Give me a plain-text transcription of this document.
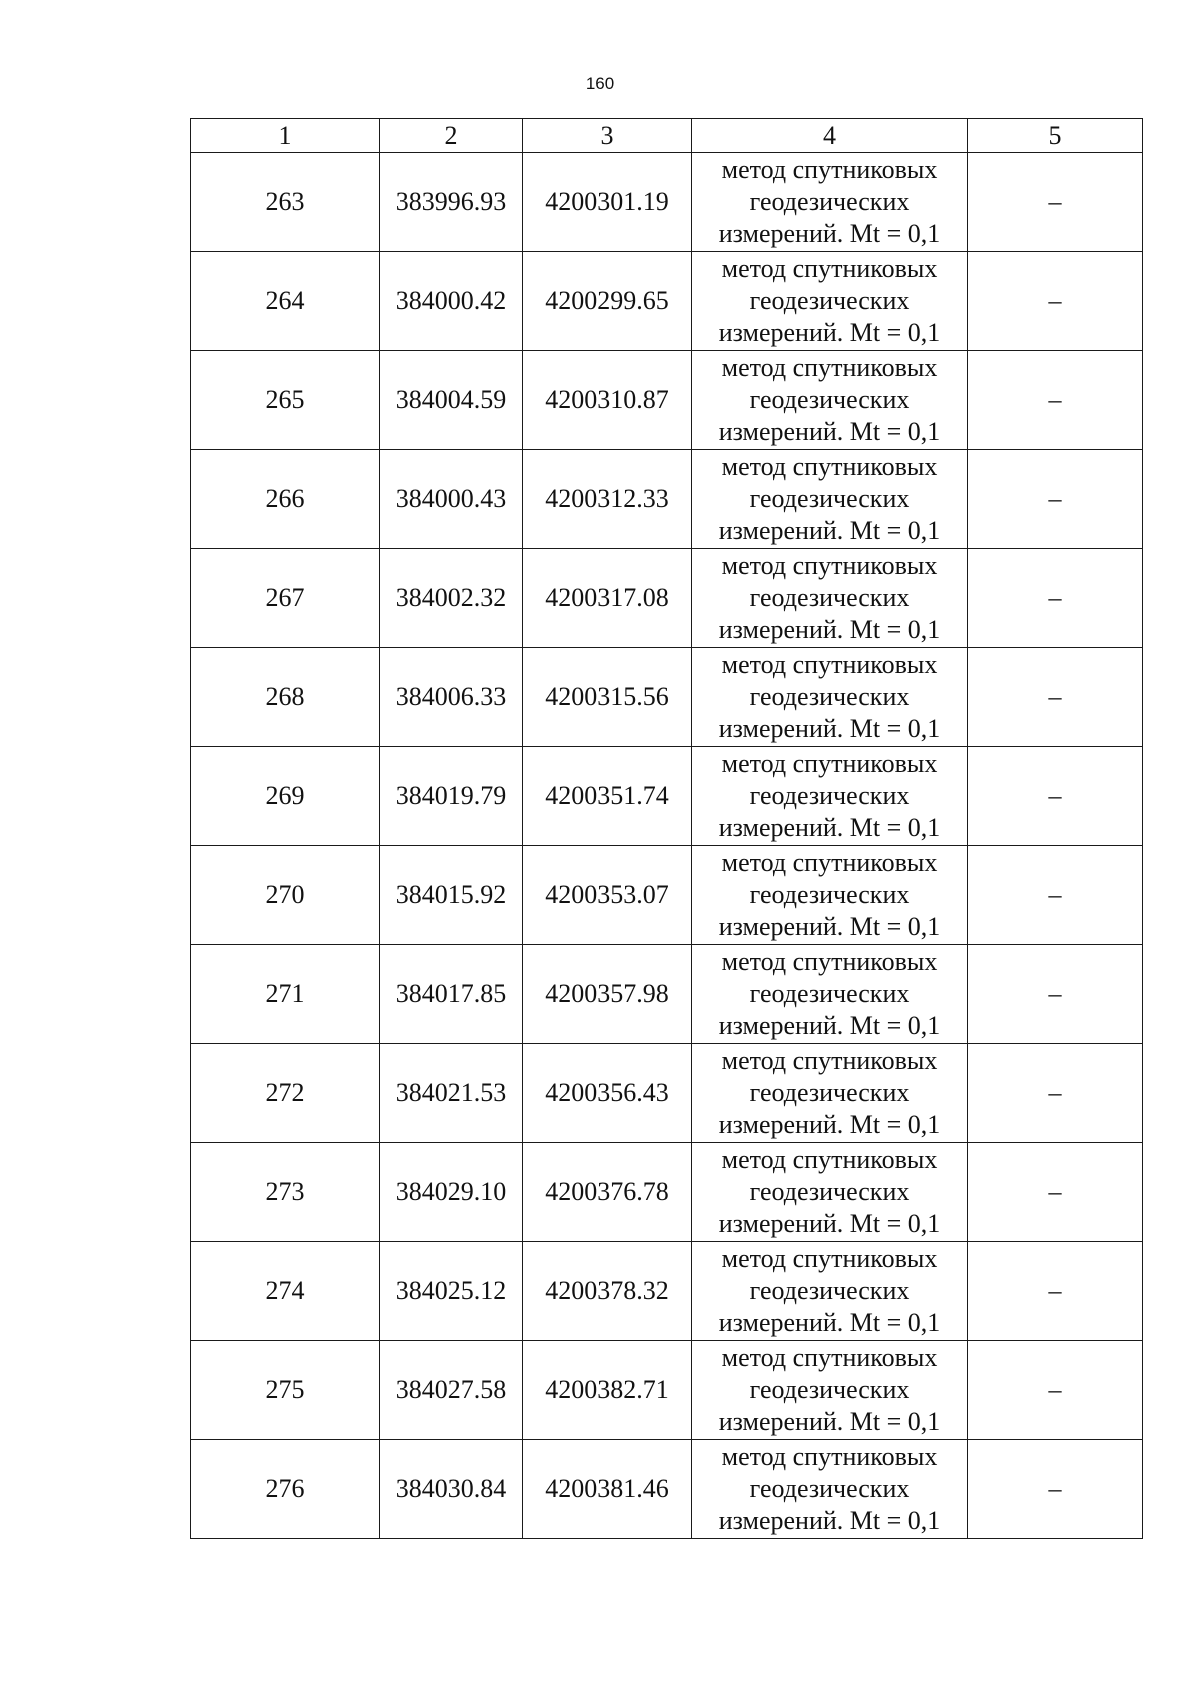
160
1	2	3	4	5
263	383996.93	4200301.19	метод спутниковых
геодезических
измерений. Mt = 0,1	–
264	384000.42	4200299.65	метод спутниковых
геодезических
измерений. Mt = 0,1	–
265	384004.59	4200310.87	метод спутниковых
геодезических
измерений. Mt = 0,1	–
266	384000.43	4200312.33	метод спутниковых
геодезических
измерений. Mt = 0,1	–
267	384002.32	4200317.08	метод спутниковых
геодезических
измерений. Mt = 0,1	–
268	384006.33	4200315.56	метод спутниковых
геодезических
измерений. Mt = 0,1	–
269	384019.79	4200351.74	метод спутниковых
геодезических
измерений. Mt = 0,1	–
270	384015.92	4200353.07	метод спутниковых
геодезических
измерений. Mt = 0,1	–
271	384017.85	4200357.98	метод спутниковых
геодезических
измерений. Mt = 0,1	–
272	384021.53	4200356.43	метод спутниковых
геодезических
измерений. Mt = 0,1	–
273	384029.10	4200376.78	метод спутниковых
геодезических
измерений. Mt = 0,1	–
274	384025.12	4200378.32	метод спутниковых
геодезических
измерений. Mt = 0,1	–
275	384027.58	4200382.71	метод спутниковых
геодезических
измерений. Mt = 0,1	–
276	384030.84	4200381.46	метод спутниковых
геодезических
измерений. Mt = 0,1	–
